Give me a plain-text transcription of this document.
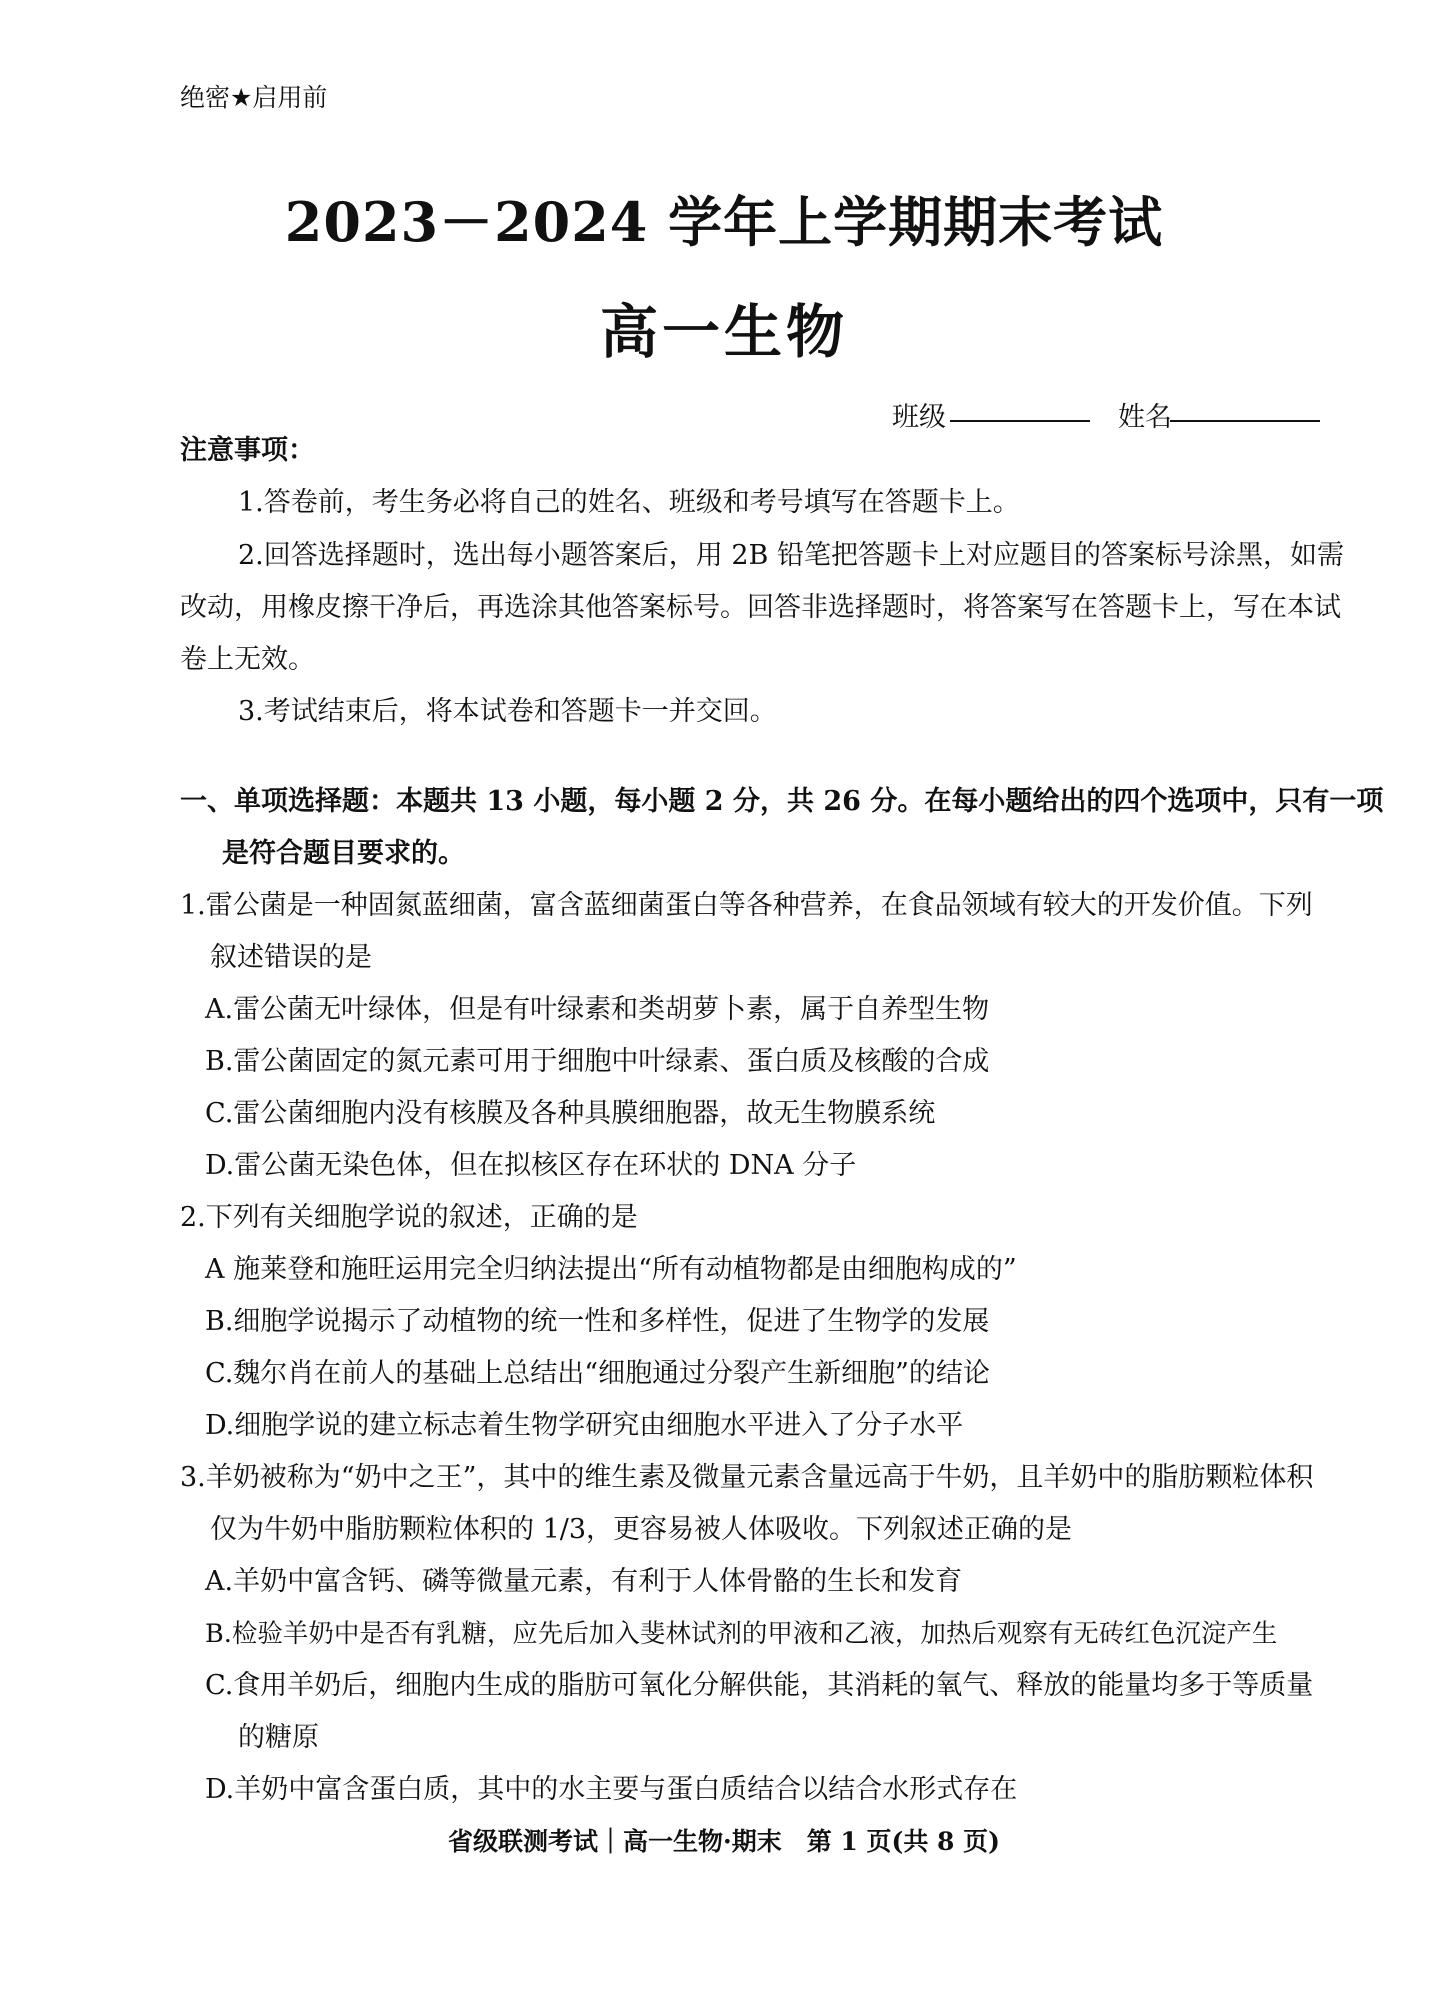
绝密★启用前
2023－2024 学年上学期期末考试
高一生物
班级	姓名
注意事项：
1.答卷前，考生务必将自己的姓名、班级和考号填写在答题卡上。
2.回答选择题时，选出每小题答案后，用 2B 铅笔把答题卡上对应题目的答案标号涂黑，如需
改动，用橡皮擦干净后，再选涂其他答案标号。回答非选择题时，将答案写在答题卡上，写在本试
卷上无效。
3.考试结束后，将本试卷和答题卡一并交回。
一、单项选择题：本题共 13 小题，每小题 2 分，共 26 分。在每小题给出的四个选项中，只有一项
是符合题目要求的。
1.雷公菌是一种固氮蓝细菌，富含蓝细菌蛋白等各种营养，在食品领域有较大的开发价值。下列
叙述错误的是
A.雷公菌无叶绿体，但是有叶绿素和类胡萝卜素，属于自养型生物
B.雷公菌固定的氮元素可用于细胞中叶绿素、蛋白质及核酸的合成
C.雷公菌细胞内没有核膜及各种具膜细胞器，故无生物膜系统
D.雷公菌无染色体，但在拟核区存在环状的 DNA 分子
2.下列有关细胞学说的叙述，正确的是
A 施莱登和施旺运用完全归纳法提出“所有动植物都是由细胞构成的”
B.细胞学说揭示了动植物的统一性和多样性，促进了生物学的发展
C.魏尔肖在前人的基础上总结出“细胞通过分裂产生新细胞”的结论
D.细胞学说的建立标志着生物学研究由细胞水平进入了分子水平
3.羊奶被称为“奶中之王”，其中的维生素及微量元素含量远高于牛奶，且羊奶中的脂肪颗粒体积
仅为牛奶中脂肪颗粒体积的 1/3，更容易被人体吸收。下列叙述正确的是
A.羊奶中富含钙、磷等微量元素，有利于人体骨骼的生长和发育
B.检验羊奶中是否有乳糖，应先后加入斐林试剂的甲液和乙液，加热后观察有无砖红色沉淀产生
C.食用羊奶后，细胞内生成的脂肪可氧化分解供能，其消耗的氧气、释放的能量均多于等质量
的糖原
D.羊奶中富含蛋白质，其中的水主要与蛋白质结合以结合水形式存在
省级联测考试｜高一生物·期末　第 1 页(共 8 页)
